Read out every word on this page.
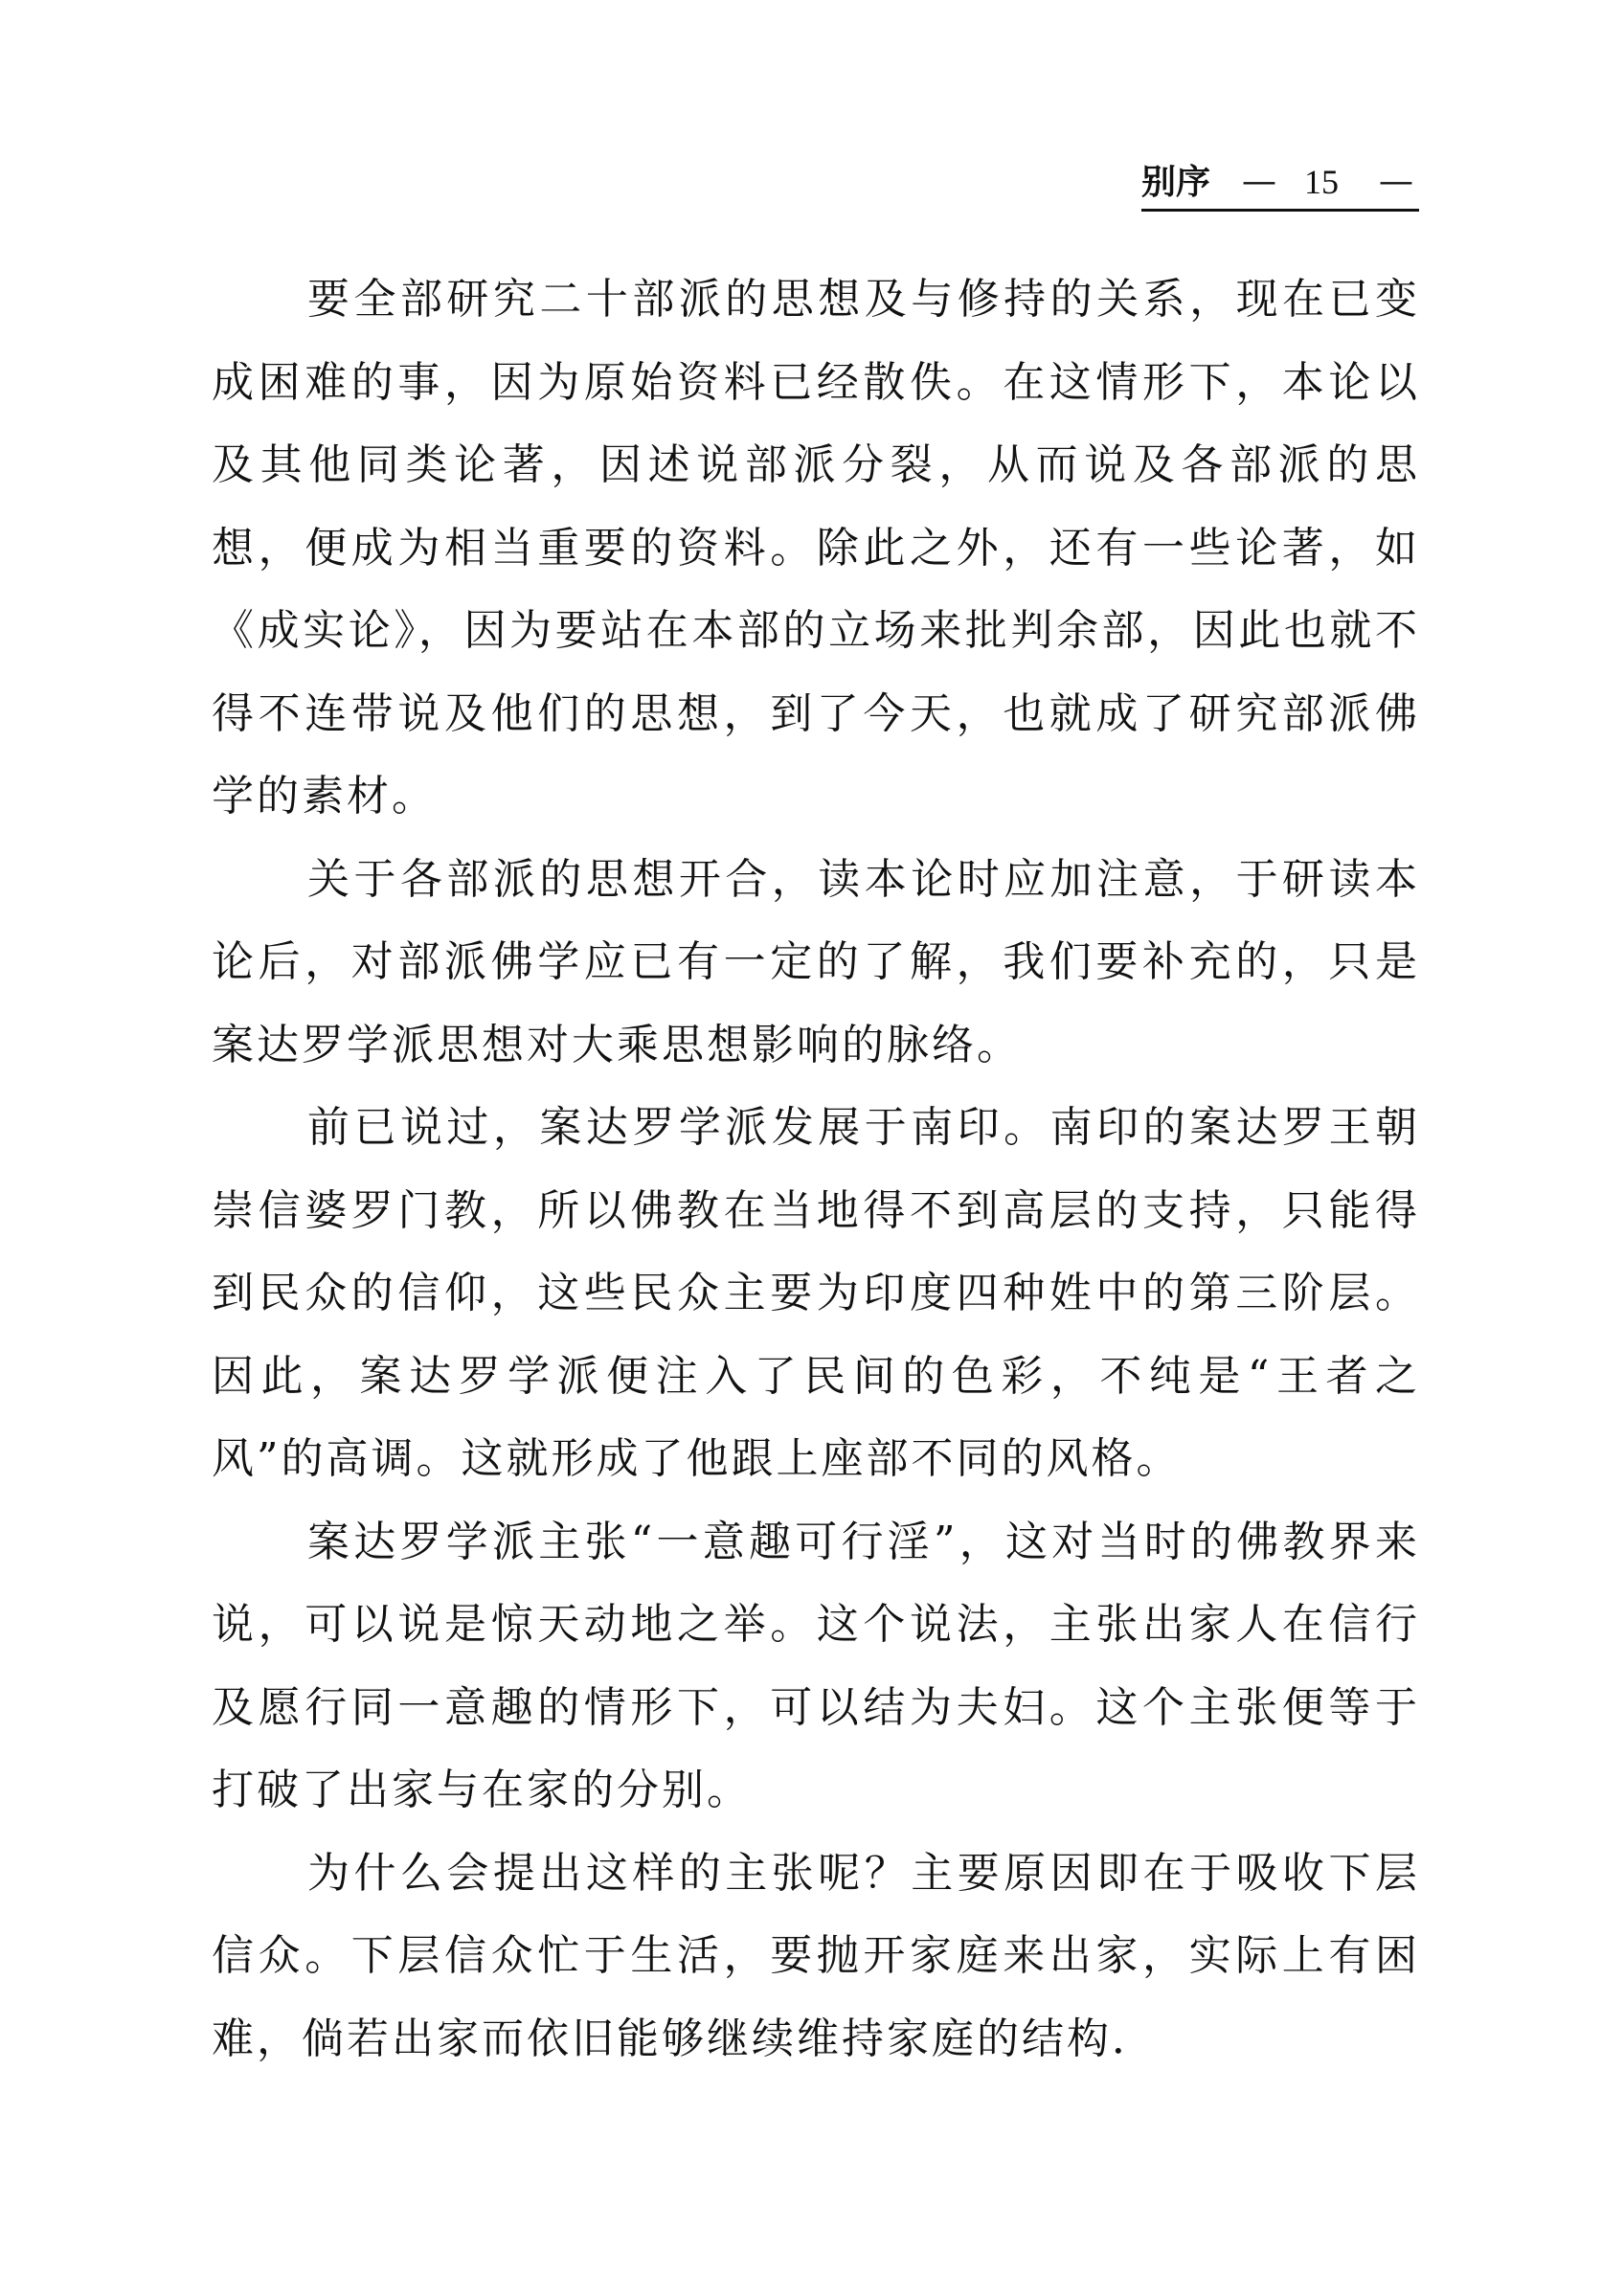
别序 — 15 —

要全部研究二十部派的思想及与修持的关系，现在已变成困难的事，因为原始资料已经散佚。在这情形下，本论以及其他同类论著，因述说部派分裂，从而说及各部派的思想，便成为相当重要的资料。除此之外，还有一些论著，如《成实论》，因为要站在本部的立场来批判余部，因此也就不得不连带说及他们的思想，到了今天，也就成了研究部派佛学的素材。

关于各部派的思想开合，读本论时应加注意，于研读本论后，对部派佛学应已有一定的了解，我们要补充的，只是案达罗学派思想对大乘思想影响的脉络。

前已说过，案达罗学派发展于南印。南印的案达罗王朝崇信婆罗门教，所以佛教在当地得不到高层的支持，只能得到民众的信仰，这些民众主要为印度四种姓中的第三阶层。因此，案达罗学派便注入了民间的色彩，不纯是“王者之风”的高调。这就形成了他跟上座部不同的风格。

案达罗学派主张“一意趣可行淫”，这对当时的佛教界来说，可以说是惊天动地之举。这个说法，主张出家人在信行及愿行同一意趣的情形下，可以结为夫妇。这个主张便等于打破了出家与在家的分别。

为什么会提出这样的主张呢？主要原因即在于吸收下层信众。下层信众忙于生活，要抛开家庭来出家，实际上有困难，倘若出家而依旧能够继续维持家庭的结构．
